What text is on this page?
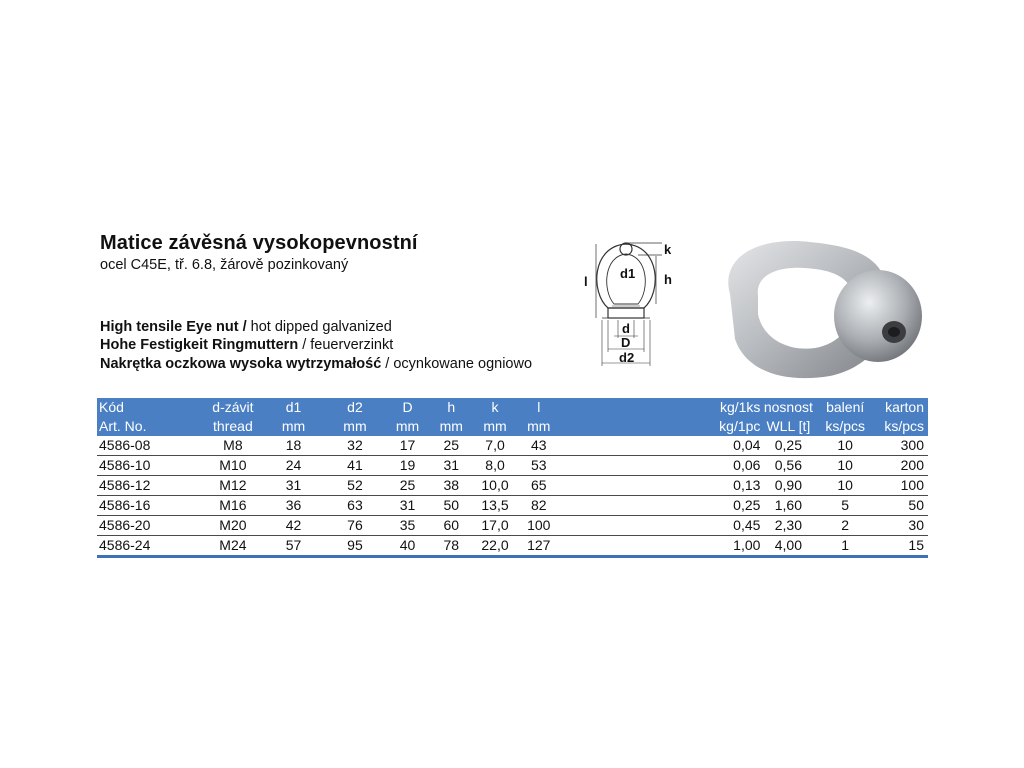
Matice závěsná vysokopevnostní
ocel C45E, tř. 6.8, žárově pozinkovaný
High tensile Eye nut / hot dipped galvanized
Hohe Festigkeit Ringmuttern / feuerverzinkt
Nakrętka oczkowa wysoka wytrzymałość / ocynkowane ogniowo
k
d1 h
l
d
D
d2
Kód	d-závit	d1	d2	D	h	k	l		kg/1ks	nosnost	balení	karton
Art. No.	thread	mm	mm	mm	mm	mm	mm		kg/1pc	WLL [t]	ks/pcs	ks/pcs
4586-08	M8	18	32	17	25	7,0	43		0,04	0,25	10	300
4586-10	M10	24	41	19	31	8,0	53		0,06	0,56	10	200
4586-12	M12	31	52	25	38	10,0	65		0,13	0,90	10	100
4586-16	M16	36	63	31	50	13,5	82		0,25	1,60	5	50
4586-20	M20	42	76	35	60	17,0	100		0,45	2,30	2	30
4586-24	M24	57	95	40	78	22,0	127		1,00	4,00	1	15
